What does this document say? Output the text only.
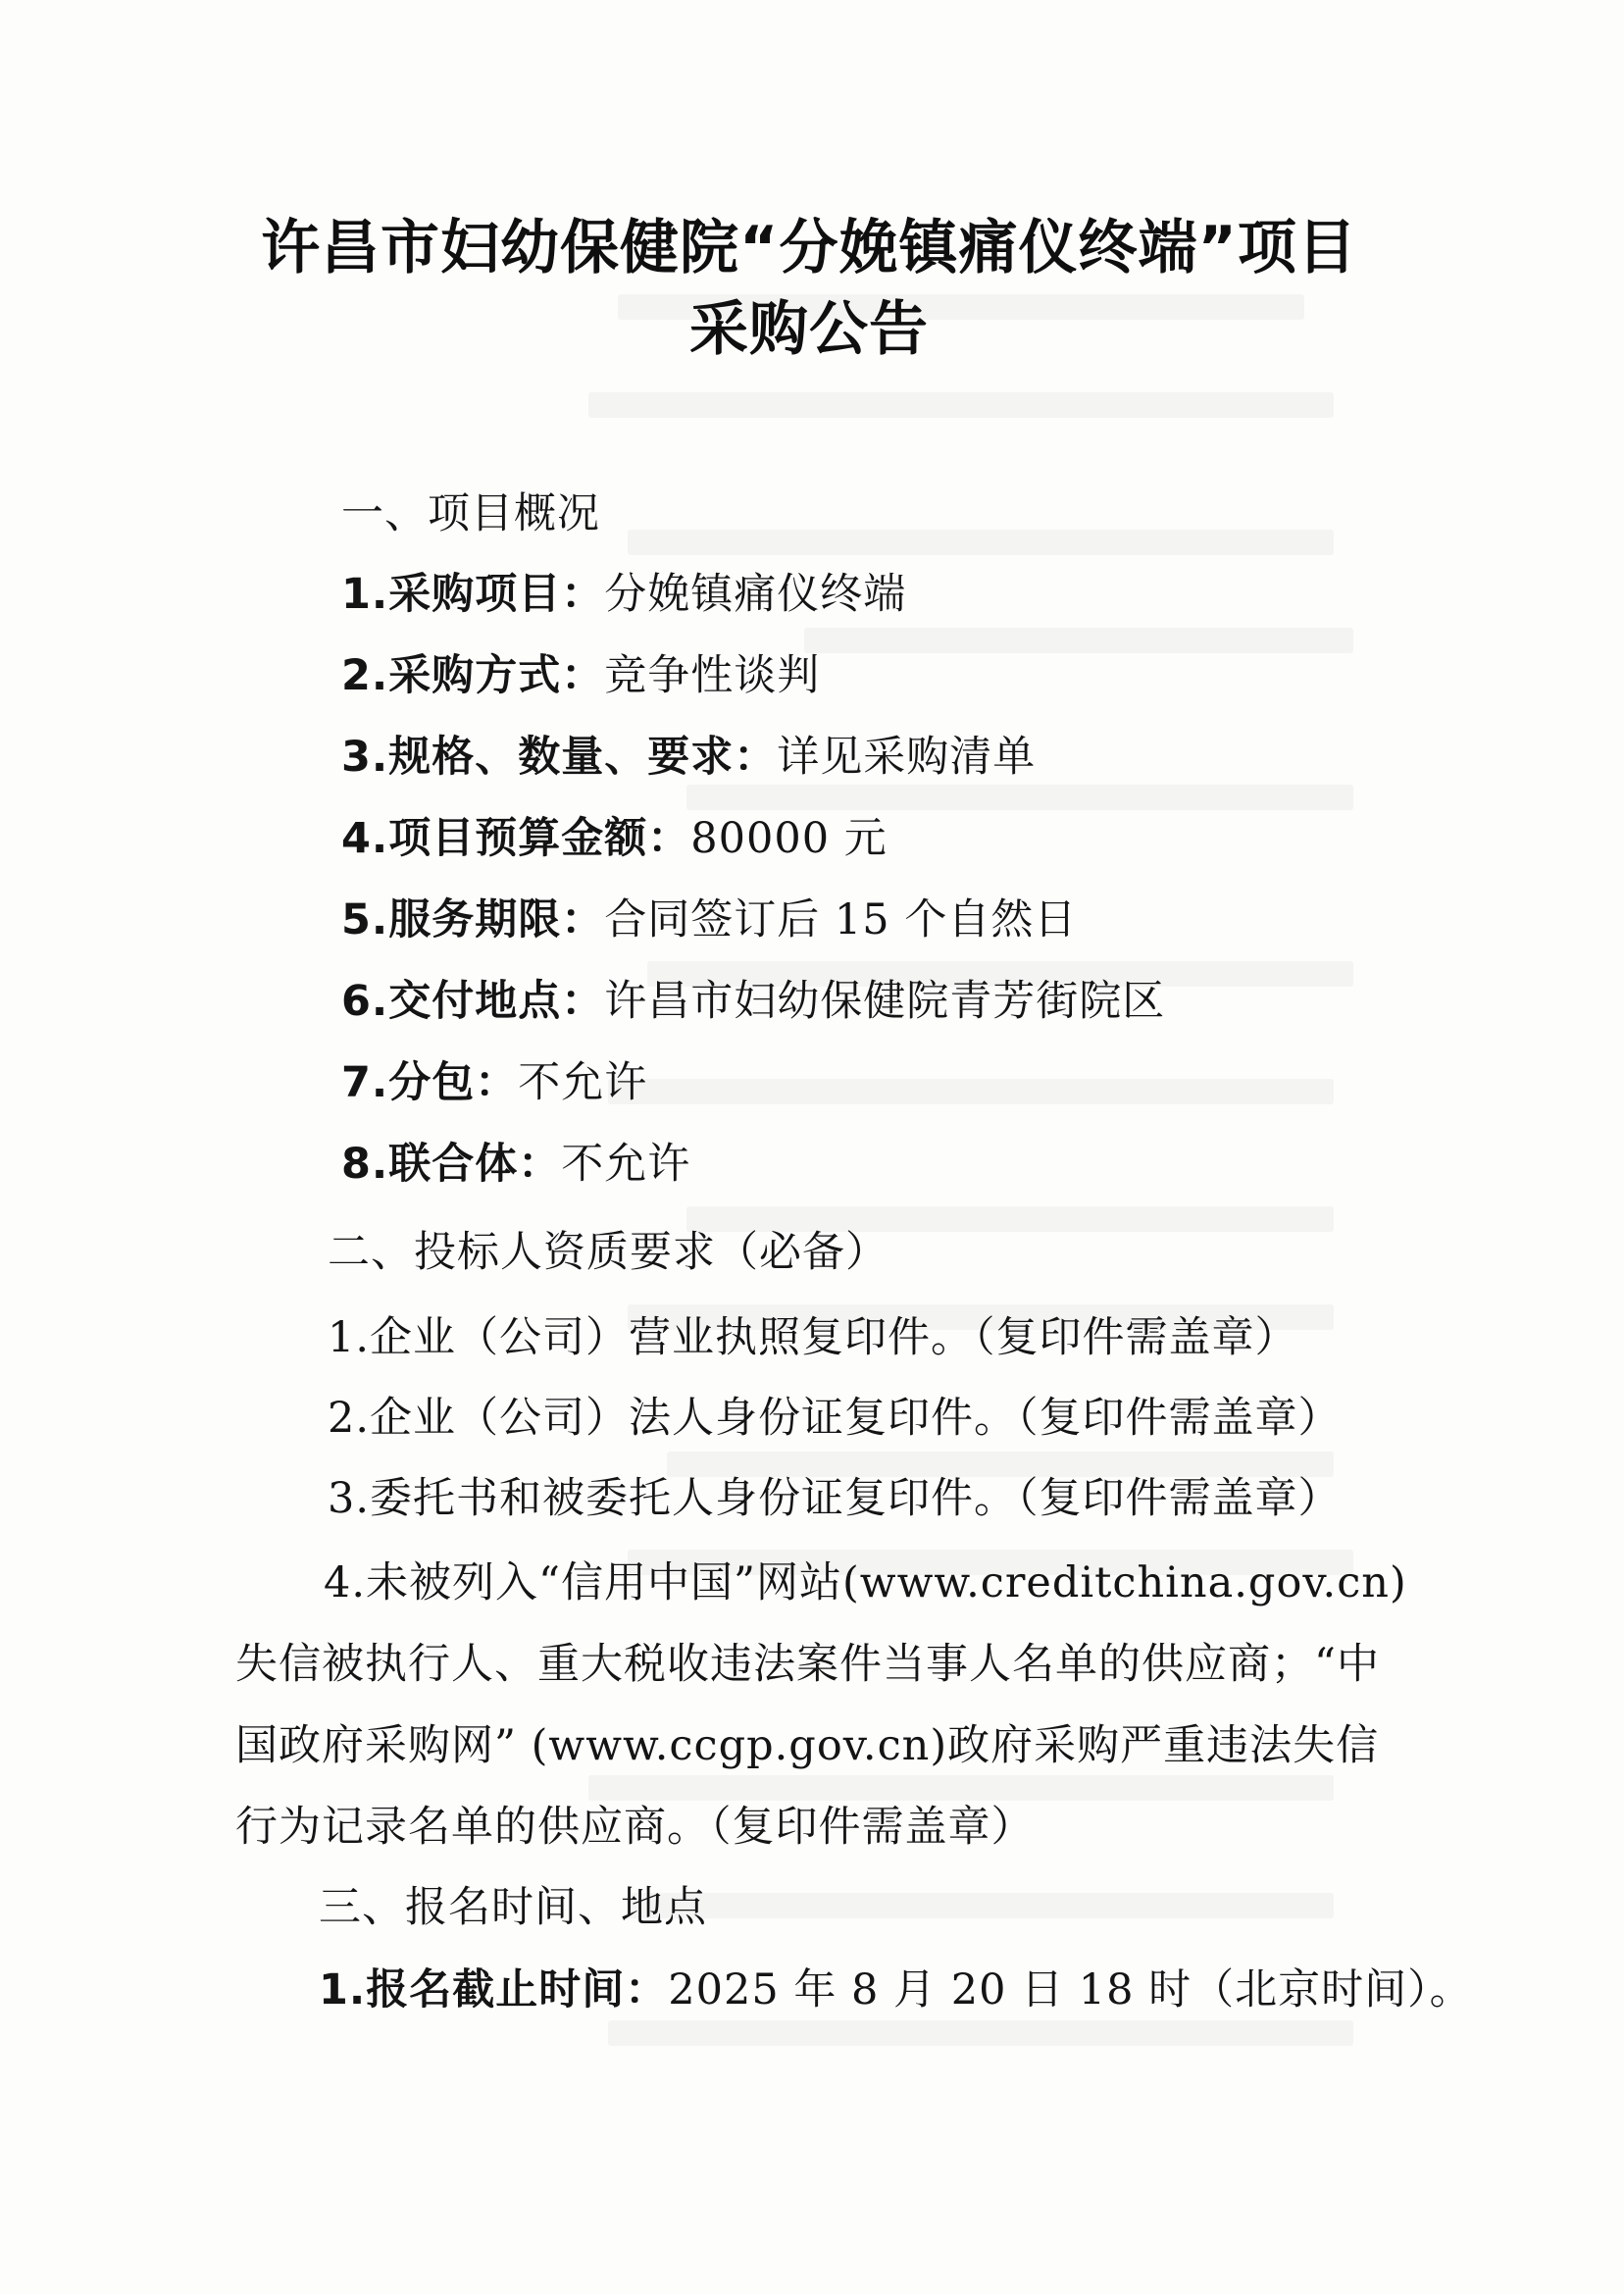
许昌市妇幼保健院“分娩镇痛仪终端”项目
采购公告
一、项目概况
1.采购项目：分娩镇痛仪终端
2.采购方式：竞争性谈判
3.规格、数量、要求：详见采购清单
4.项目预算金额：80000 元
5.服务期限：合同签订后 15 个自然日
6.交付地点：许昌市妇幼保健院青芳街院区
7.分包：不允许
8.联合体：不允许
二、投标人资质要求（必备）
1.企业（公司）营业执照复印件。（复印件需盖章）
2.企业（公司）法人身份证复印件。（复印件需盖章）
3.委托书和被委托人身份证复印件。（复印件需盖章）
4.未被列入“信用中国”网站(www.creditchina.gov.cn)
失信被执行人、重大税收违法案件当事人名单的供应商；“中
国政府采购网” (www.ccgp.gov.cn)政府采购严重违法失信
行为记录名单的供应商。（复印件需盖章）
三、报名时间、地点
1.报名截止时间：2025 年 8 月 20 日 18 时（北京时间）。
